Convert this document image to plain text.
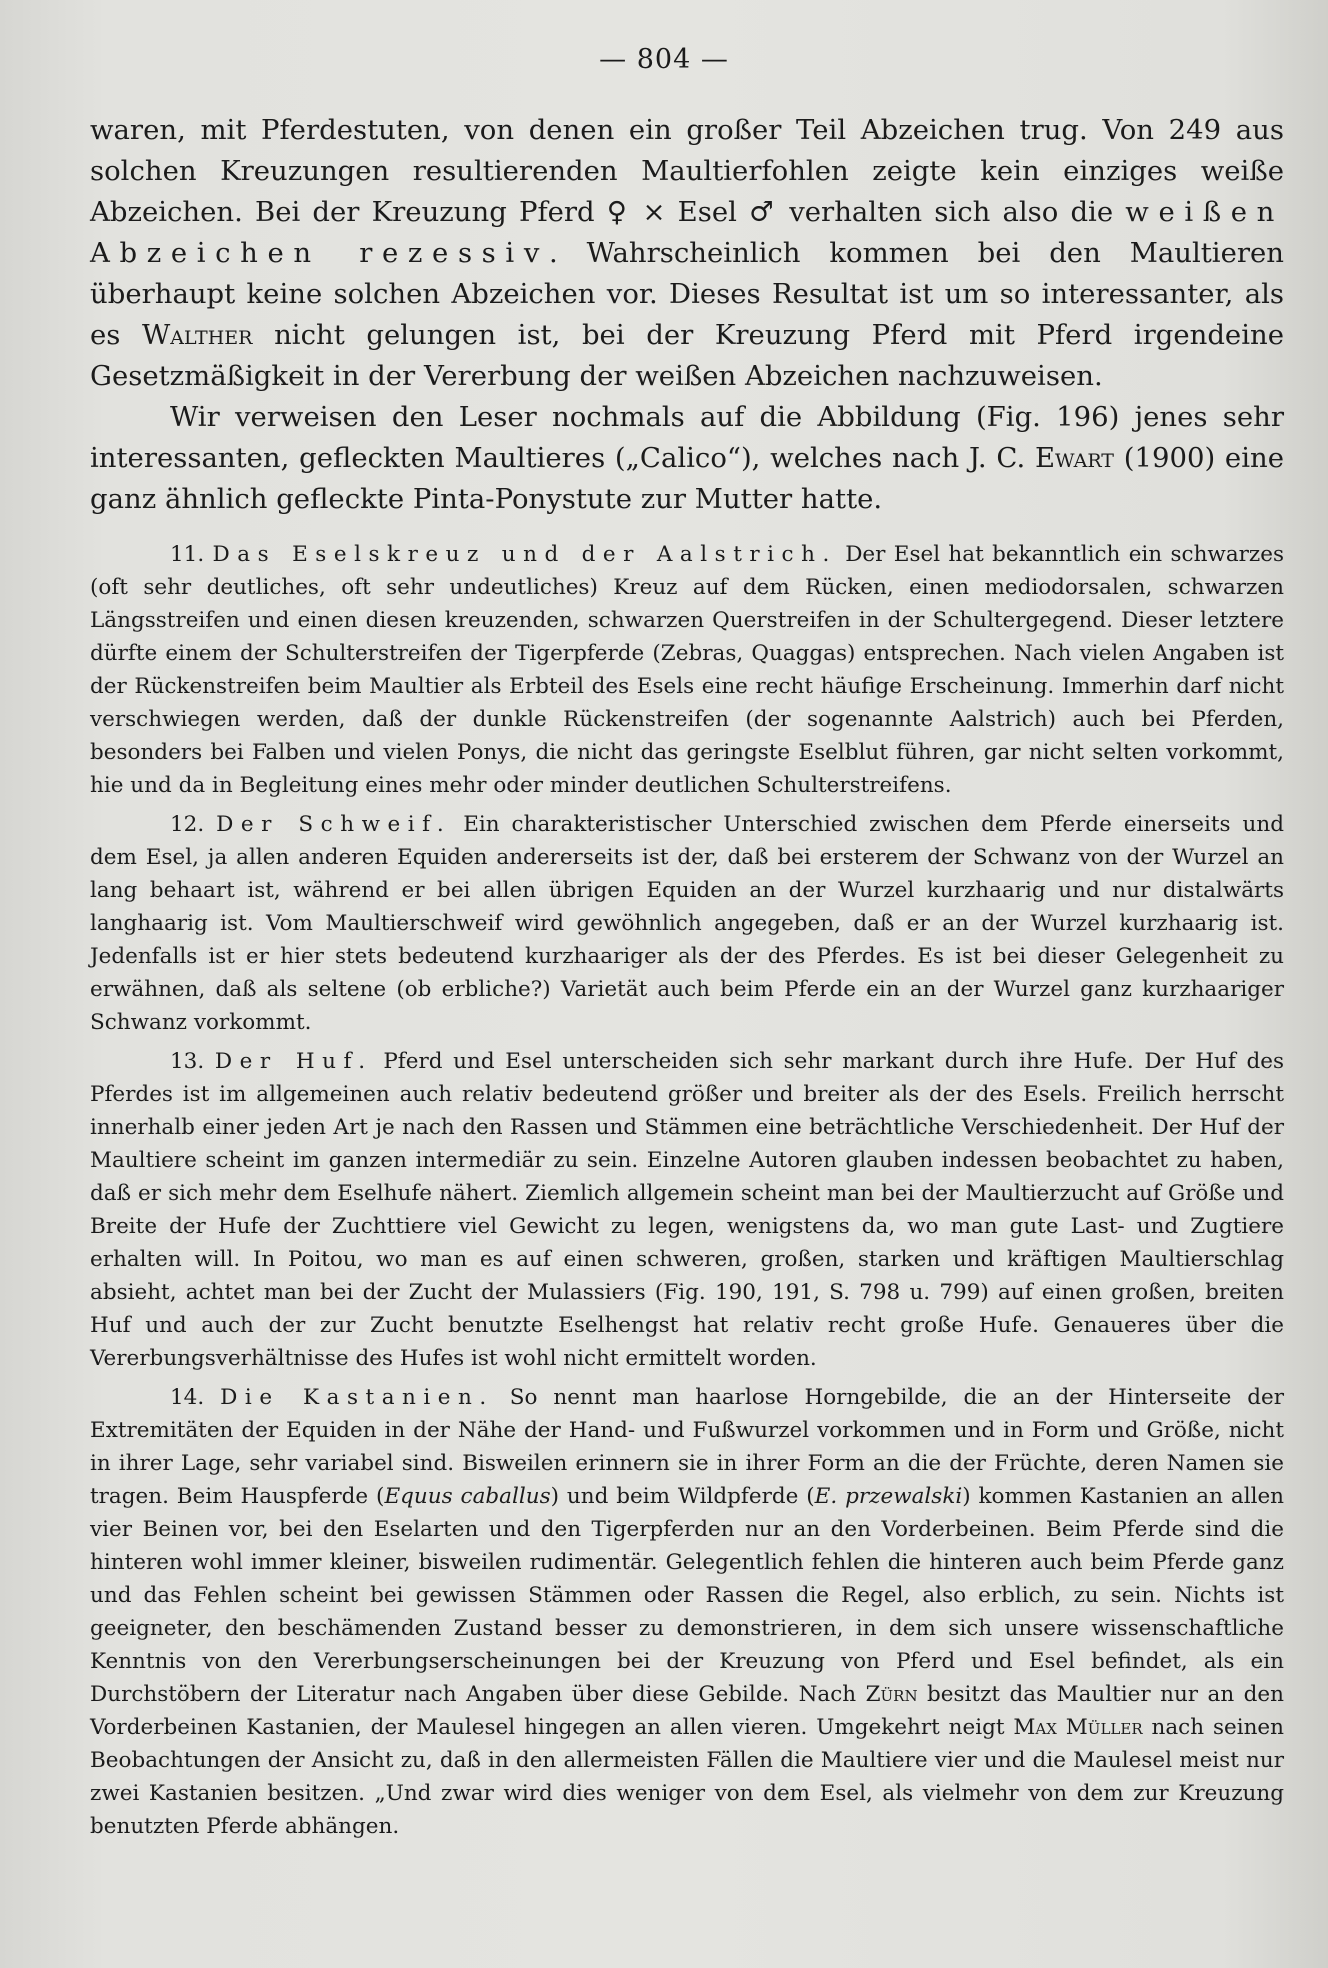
— 804 —

waren, mit Pferdestuten, von denen ein großer Teil Abzeichen trug. Von 249 aus solchen Kreuzungen resultierenden Maultierfohlen zeigte kein einziges weiße Abzeichen. Bei der Kreuzung Pferd ♀ × Esel ♂ verhalten sich also die weißen Abzeichen rezessiv. Wahrscheinlich kommen bei den Maultieren überhaupt keine solchen Abzeichen vor. Dieses Resultat ist um so interessanter, als es Walther nicht gelungen ist, bei der Kreuzung Pferd mit Pferd irgendeine Gesetzmäßigkeit in der Vererbung der weißen Abzeichen nachzuweisen.

Wir verweisen den Leser nochmals auf die Abbildung (Fig. 196) jenes sehr interessanten, gefleckten Maultieres („Calico“), welches nach J. C. Ewart (1900) eine ganz ähnlich gefleckte Pinta-Ponystute zur Mutter hatte.

11. Das Eselskreuz und der Aalstrich. Der Esel hat bekanntlich ein schwarzes (oft sehr deutliches, oft sehr undeutliches) Kreuz auf dem Rücken, einen mediodorsalen, schwarzen Längsstreifen und einen diesen kreuzenden, schwarzen Querstreifen in der Schultergegend. Dieser letztere dürfte einem der Schulterstreifen der Tigerpferde (Zebras, Quaggas) entsprechen. Nach vielen Angaben ist der Rückenstreifen beim Maultier als Erbteil des Esels eine recht häufige Erscheinung. Immerhin darf nicht verschwiegen werden, daß der dunkle Rückenstreifen (der sogenannte Aalstrich) auch bei Pferden, besonders bei Falben und vielen Ponys, die nicht das geringste Eselblut führen, gar nicht selten vorkommt, hie und da in Begleitung eines mehr oder minder deutlichen Schulterstreifens.

12. Der Schweif. Ein charakteristischer Unterschied zwischen dem Pferde einerseits und dem Esel, ja allen anderen Equiden andererseits ist der, daß bei ersterem der Schwanz von der Wurzel an lang behaart ist, während er bei allen übrigen Equiden an der Wurzel kurzhaarig und nur distalwärts langhaarig ist. Vom Maultierschweif wird gewöhnlich angegeben, daß er an der Wurzel kurzhaarig ist. Jedenfalls ist er hier stets bedeutend kurzhaariger als der des Pferdes. Es ist bei dieser Gelegenheit zu erwähnen, daß als seltene (ob erbliche?) Varietät auch beim Pferde ein an der Wurzel ganz kurzhaariger Schwanz vorkommt.

13. Der Huf. Pferd und Esel unterscheiden sich sehr markant durch ihre Hufe. Der Huf des Pferdes ist im allgemeinen auch relativ bedeutend größer und breiter als der des Esels. Freilich herrscht innerhalb einer jeden Art je nach den Rassen und Stämmen eine beträchtliche Verschiedenheit. Der Huf der Maultiere scheint im ganzen intermediär zu sein. Einzelne Autoren glauben indessen beobachtet zu haben, daß er sich mehr dem Eselhufe nähert. Ziemlich allgemein scheint man bei der Maultierzucht auf Größe und Breite der Hufe der Zuchttiere viel Gewicht zu legen, wenigstens da, wo man gute Last- und Zugtiere erhalten will. In Poitou, wo man es auf einen schweren, großen, starken und kräftigen Maultierschlag absieht, achtet man bei der Zucht der Mulassiers (Fig. 190, 191, S. 798 u. 799) auf einen großen, breiten Huf und auch der zur Zucht benutzte Eselhengst hat relativ recht große Hufe. Genaueres über die Vererbungsverhältnisse des Hufes ist wohl nicht ermittelt worden.

14. Die Kastanien. So nennt man haarlose Horngebilde, die an der Hinterseite der Extremitäten der Equiden in der Nähe der Hand- und Fußwurzel vorkommen und in Form und Größe, nicht in ihrer Lage, sehr variabel sind. Bisweilen erinnern sie in ihrer Form an die der Früchte, deren Namen sie tragen. Beim Hauspferde (Equus caballus) und beim Wildpferde (E. przewalski) kommen Kastanien an allen vier Beinen vor, bei den Eselarten und den Tigerpferden nur an den Vorderbeinen. Beim Pferde sind die hinteren wohl immer kleiner, bisweilen rudimentär. Gelegentlich fehlen die hinteren auch beim Pferde ganz und das Fehlen scheint bei gewissen Stämmen oder Rassen die Regel, also erblich, zu sein. Nichts ist geeigneter, den beschämenden Zustand besser zu demonstrieren, in dem sich unsere wissenschaftliche Kenntnis von den Vererbungserscheinungen bei der Kreuzung von Pferd und Esel befindet, als ein Durchstöbern der Literatur nach Angaben über diese Gebilde. Nach Zürn besitzt das Maultier nur an den Vorderbeinen Kastanien, der Maulesel hingegen an allen vieren. Umgekehrt neigt Max Müller nach seinen Beobachtungen der Ansicht zu, daß in den allermeisten Fällen die Maultiere vier und die Maulesel meist nur zwei Kastanien besitzen. „Und zwar wird dies weniger von dem Esel, als vielmehr von dem zur Kreuzung benutzten Pferde abhängen.
